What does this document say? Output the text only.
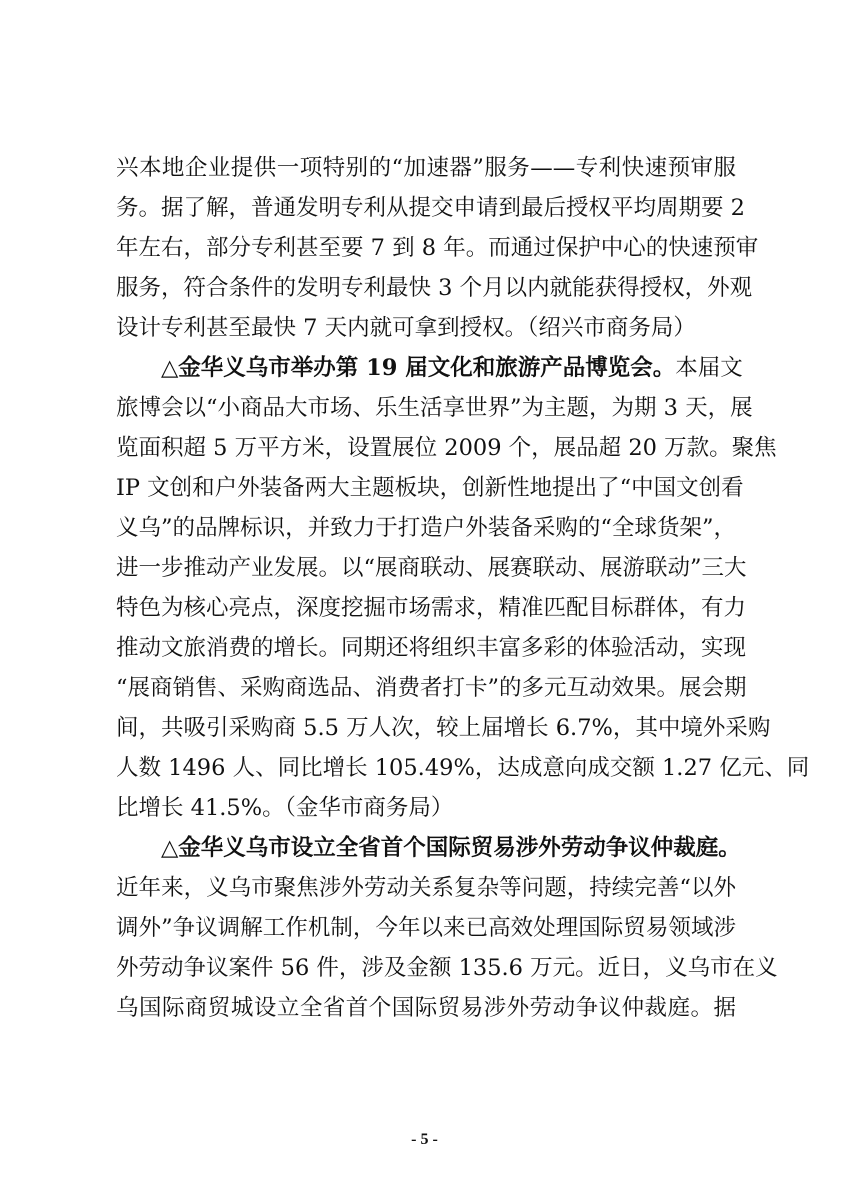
兴本地企业提供一项特别的“加速器”服务——专利快速预审服
务。据了解，普通发明专利从提交申请到最后授权平均周期要 2
年左右，部分专利甚至要 7 到 8 年。而通过保护中心的快速预审
服务，符合条件的发明专利最快 3 个月以内就能获得授权，外观
设计专利甚至最快 7 天内就可拿到授权。（绍兴市商务局）
△金华义乌市举办第 19 届文化和旅游产品博览会。本届文
旅博会以“小商品大市场、乐生活享世界”为主题，为期 3 天，展
览面积超 5 万平方米，设置展位 2009 个，展品超 20 万款。聚焦
IP 文创和户外装备两大主题板块，创新性地提出了“中国文创看
义乌”的品牌标识，并致力于打造户外装备采购的“全球货架”，
进一步推动产业发展。以“展商联动、展赛联动、展游联动”三大
特色为核心亮点，深度挖掘市场需求，精准匹配目标群体，有力
推动文旅消费的增长。同期还将组织丰富多彩的体验活动，实现
“展商销售、采购商选品、消费者打卡”的多元互动效果。展会期
间，共吸引采购商 5.5 万人次，较上届增长 6.7%，其中境外采购
人数 1496 人、同比增长 105.49%，达成意向成交额 1.27 亿元、同
比增长 41.5%。（金华市商务局）
△金华义乌市设立全省首个国际贸易涉外劳动争议仲裁庭。
近年来，义乌市聚焦涉外劳动关系复杂等问题，持续完善“以外
调外”争议调解工作机制，今年以来已高效处理国际贸易领域涉
外劳动争议案件 56 件，涉及金额 135.6 万元。近日，义乌市在义
乌国际商贸城设立全省首个国际贸易涉外劳动争议仲裁庭。据
- 5 -
